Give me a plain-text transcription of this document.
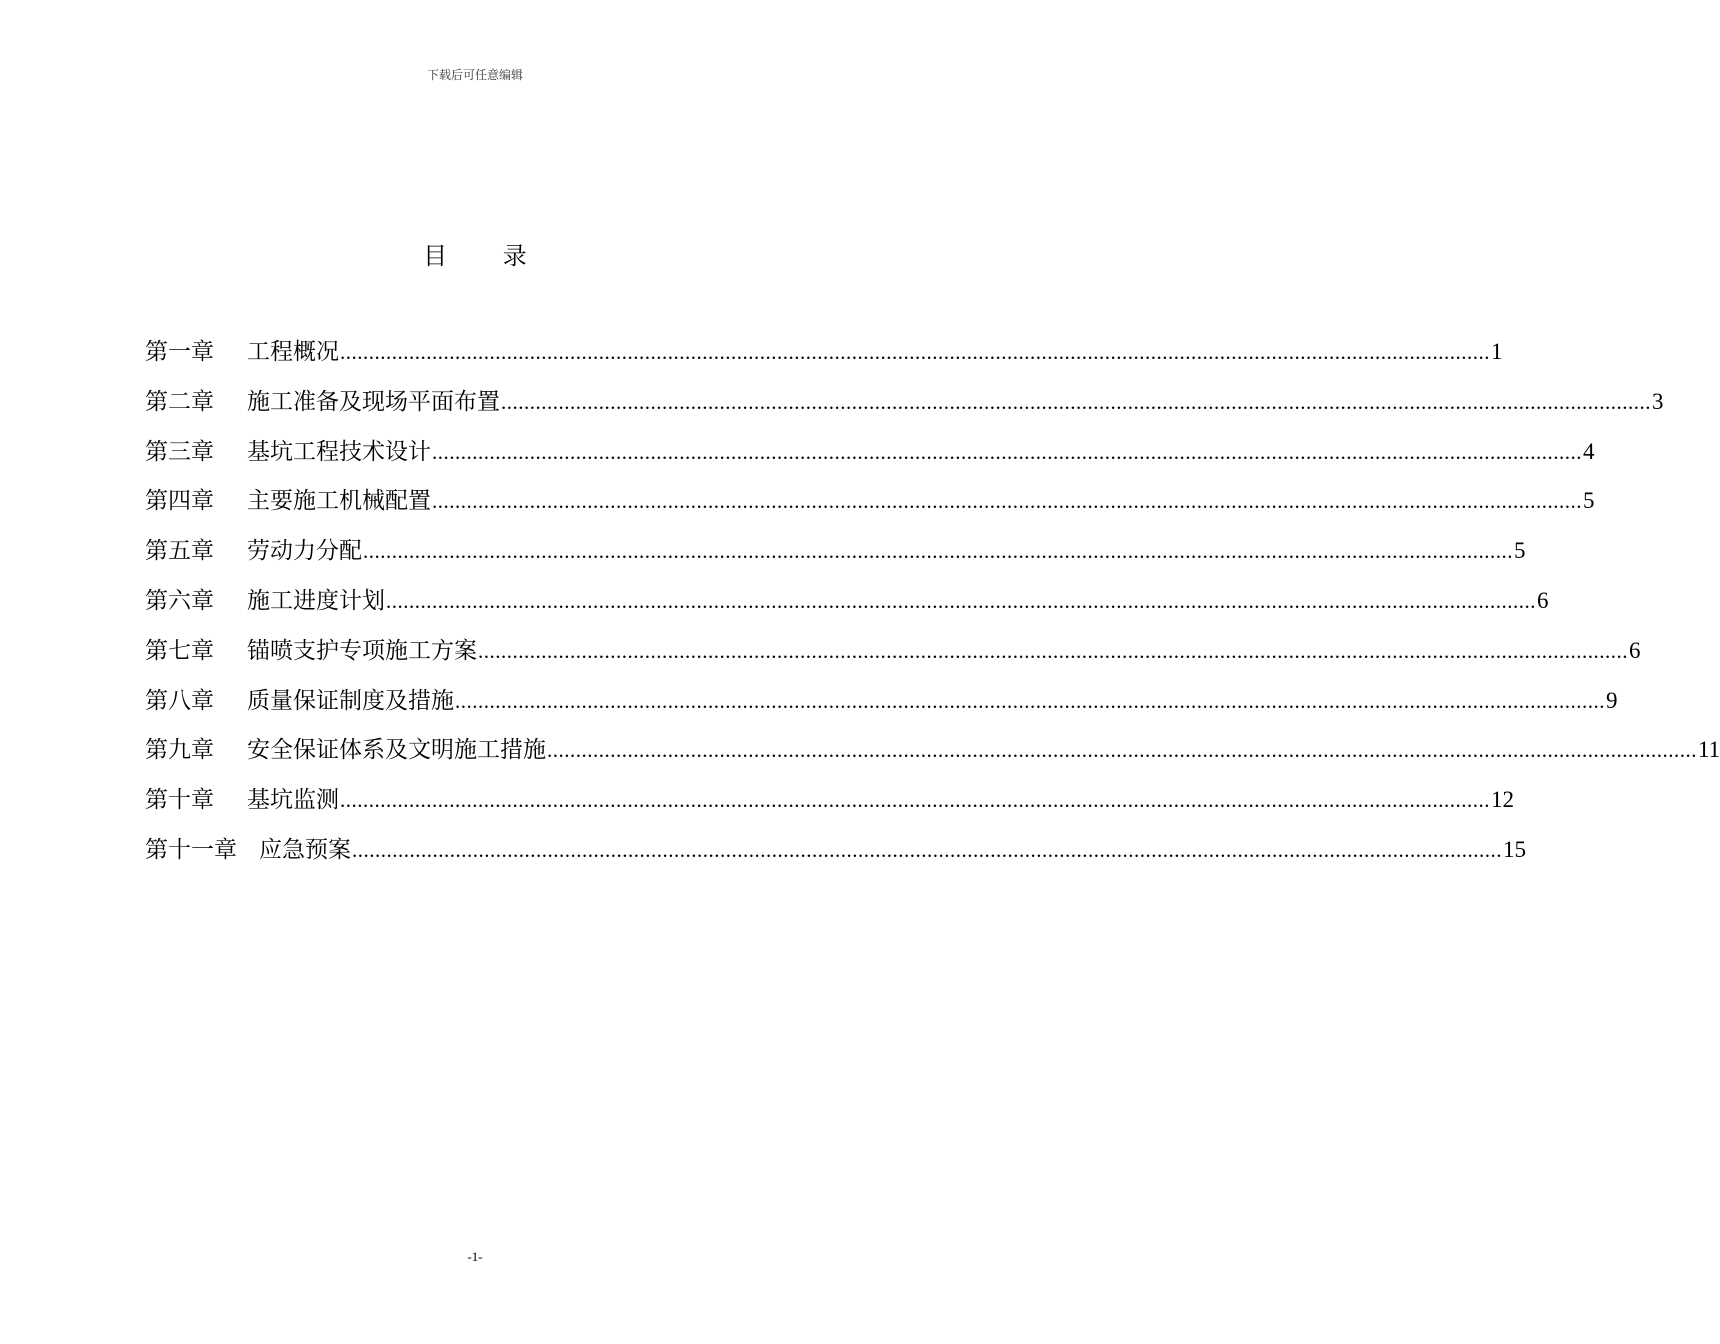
下载后可任意编辑
目 录
第一章	工程概况 ........................................................................................................................................................................................................ 1
第二章	施工准备及现场平面布置 ........................................................................................................................................................................................................ 3
第三章	基坑工程技术设计 ........................................................................................................................................................................................................ 4
第四章	主要施工机械配置 ........................................................................................................................................................................................................ 5
第五章	劳动力分配 ........................................................................................................................................................................................................ 5
第六章	施工进度计划 ........................................................................................................................................................................................................ 6
第七章	锚喷支护专项施工方案 ........................................................................................................................................................................................................ 6
第八章	质量保证制度及措施 ........................................................................................................................................................................................................ 9
第九章	安全保证体系及文明施工措施 ........................................................................................................................................................................................................ 11
第十章	基坑监测 ........................................................................................................................................................................................................ 12
第十一章 应急预案 ........................................................................................................................................................................................................ 15
-1-
